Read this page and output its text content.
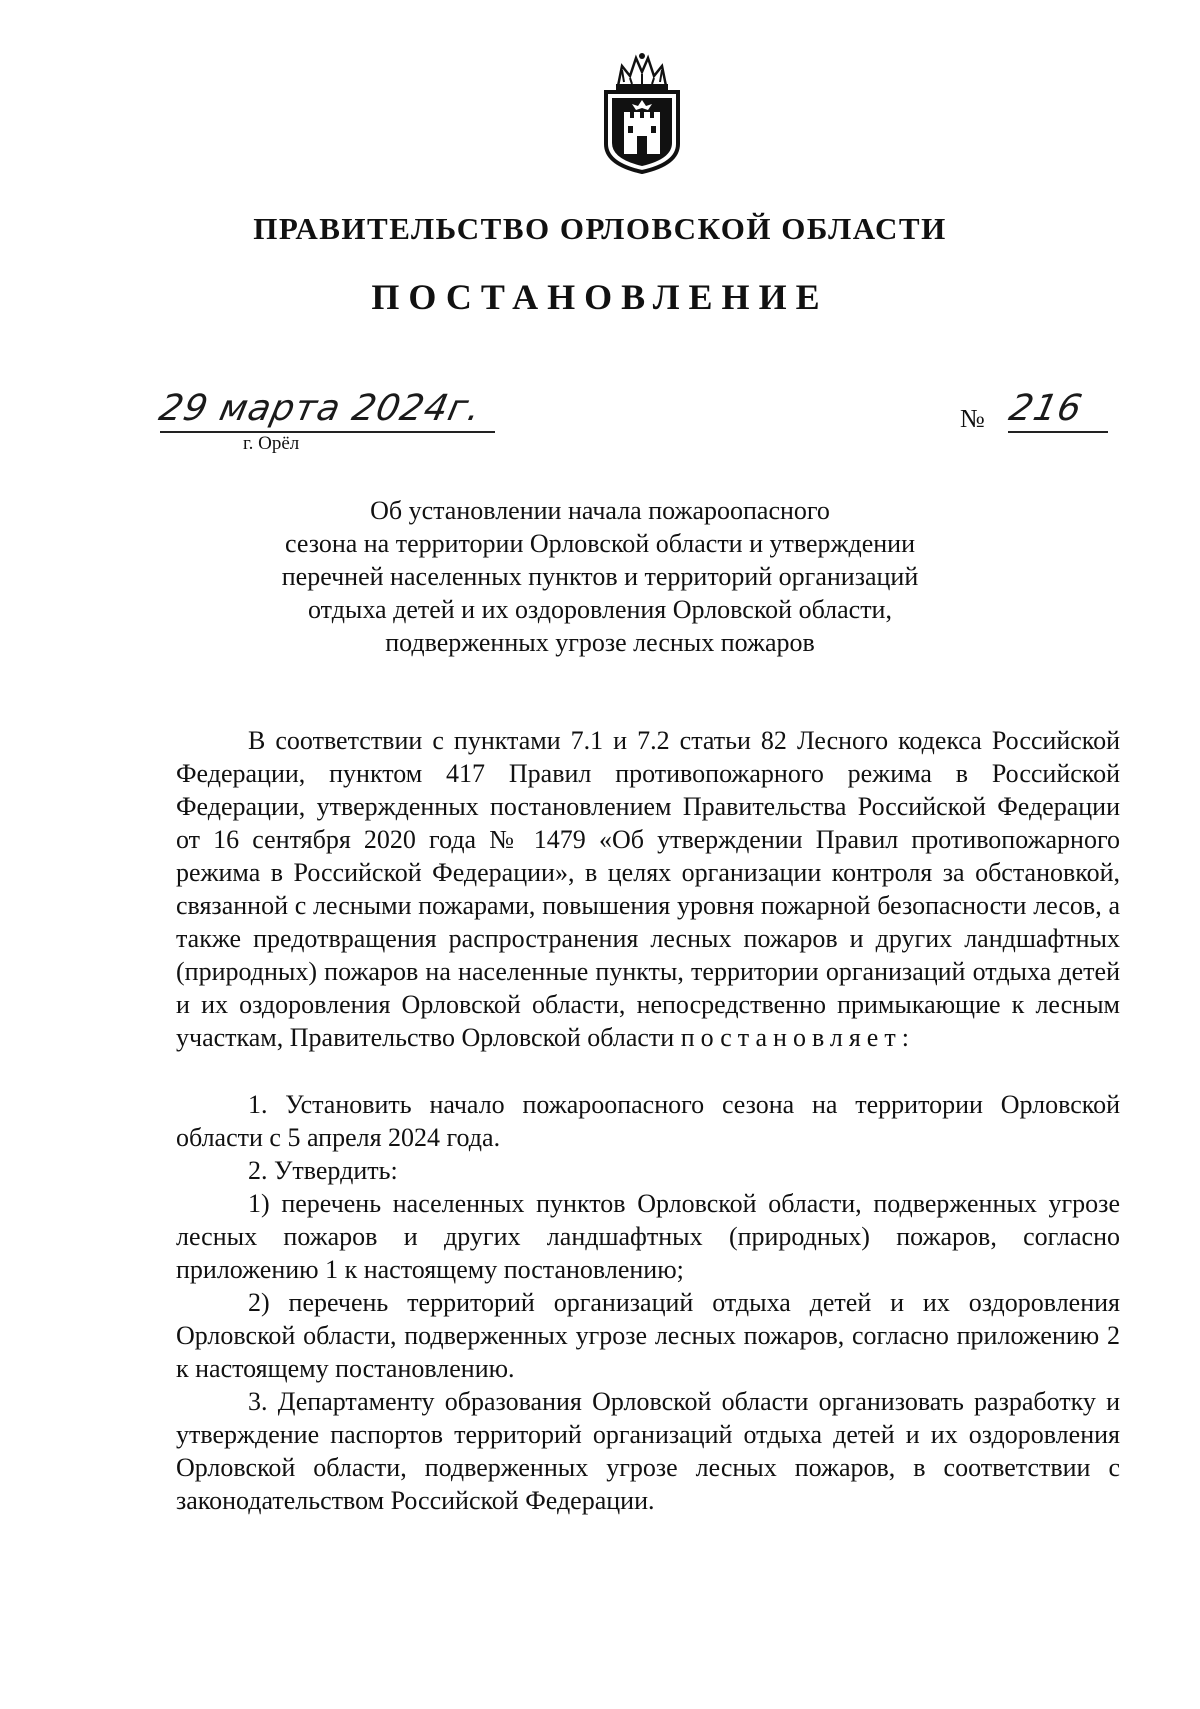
ПРАВИТЕЛЬСТВО ОРЛОВСКОЙ ОБЛАСТИ
ПОСТАНОВЛЕНИЕ
29 марта 2024г.
г. Орёл
№ 216
Об установлении начала пожароопасного
сезона на территории Орловской области и утверждении
перечней населенных пунктов и территорий организаций
отдыха детей и их оздоровления Орловской области,
подверженных угрозе лесных пожаров

В соответствии с пунктами 7.1 и 7.2 статьи 82 Лесного кодекса Российской Федерации, пунктом 417 Правил противопожарного режима в Российской Федерации, утвержденных постановлением Правительства Российской Федерации от 16 сентября 2020 года № 1479 «Об утверждении Правил противопожарного режима в Российской Федерации», в целях организации контроля за обстановкой, связанной с лесными пожарами, повышения уровня пожарной безопасности лесов, а также предотвращения распространения лесных пожаров и других ландшафтных (природных) пожаров на населенные пункты, территории организаций отдыха детей и их оздоровления Орловской области, непосредственно примыкающие к лесным участкам, Правительство Орловской области постановляет:

1. Установить начало пожароопасного сезона на территории Орловской области с 5 апреля 2024 года.

2. Утвердить:

1) перечень населенных пунктов Орловской области, подверженных угрозе лесных пожаров и других ландшафтных (природных) пожаров, согласно приложению 1 к настоящему постановлению;

2) перечень территорий организаций отдыха детей и их оздоровления Орловской области, подверженных угрозе лесных пожаров, согласно приложению 2 к настоящему постановлению.

3. Департаменту образования Орловской области организовать разработку и утверждение паспортов территорий организаций отдыха детей и их оздоровления Орловской области, подверженных угрозе лесных пожаров, в соответствии с законодательством Российской Федерации.
